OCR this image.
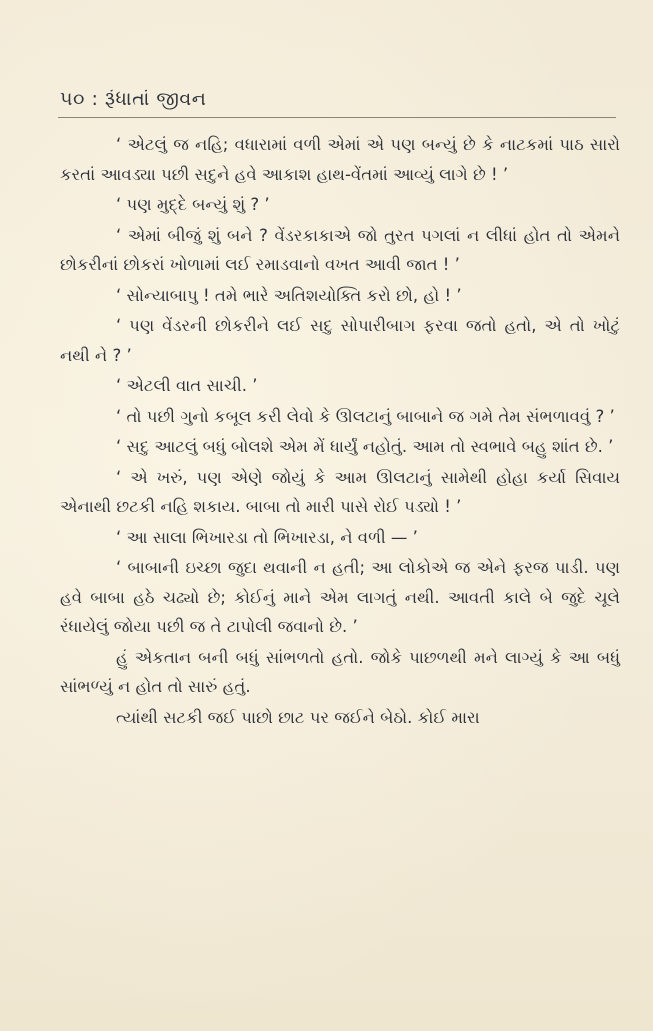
૫૦ : રૂંધાતાં જીવન

‘ એટલું જ નહિ; વધારામાં વળી એમાં એ પણ બન્યું છે કે નાટકમાં પાઠ સારો કરતાં આવડ્યા પછી સદુને હવે આકાશ હાથ-વેંતમાં આવ્યું લાગે છે ! ’

‘ પણ મુદ્દે બન્યું શું ? ’

‘ એમાં બીજું શું બને ? વેંડરકાકાએ જો તુરત પગલાં ન લીધાં હોત તો એમને છોકરીનાં છોકરાં ખોળામાં લઈ રમાડવાનો વખત આવી જાત ! ’

‘ સોન્યાબાપુ ! તમે ભારે અતિશયોક્તિ કરો છો, હો ! ’

‘ પણ વેંડરની છોકરીને લઈ સદુ સોપારીબાગ ફરવા જતો હતો, એ તો ખોટું નથી ને ? ’

‘ એટલી વાત સાચી. ’

‘ તો પછી ગુનો કબૂલ કરી લેવો કે ઊલટાનું બાબાને જ ગમે તેમ સંભળાવવું ? ’

‘ સદુ આટલું બધું બોલશે એમ મેં ધાર્યું નહોતું. આમ તો સ્વભાવે બહુ શાંત છે. ’

‘ એ ખરું, પણ એણે જોયું કે આમ ઊલટાનું સામેથી હોહા કર્યા સિવાય એનાથી છટકી નહિ શકાય. બાબા તો મારી પાસે રોઈ પડ્યો ! ’

‘ આ સાલા ભિખારડા તો ભિખારડા, ને વળી — ’

‘ બાબાની ઇચ્છા જુદા થવાની ન હતી; આ લોકોએ જ એને ફરજ પાડી. પણ હવે બાબા હઠે ચઢ્યો છે; કોઈનું માને એમ લાગતું નથી. આવતી કાલે બે જુદે ચૂલે રંધાયેલું જોયા પછી જ તે ટાપોલી જવાનો છે. ’

હું એકતાન બની બધું સાંભળતો હતો. જોકે પાછળથી મને લાગ્યું કે આ બધું સાંભળ્યું ન હોત તો સારું હતું.

ત્યાંથી સટકી જઈ પાછો છાટ પર જઈને બેઠો. કોઈ મારા
